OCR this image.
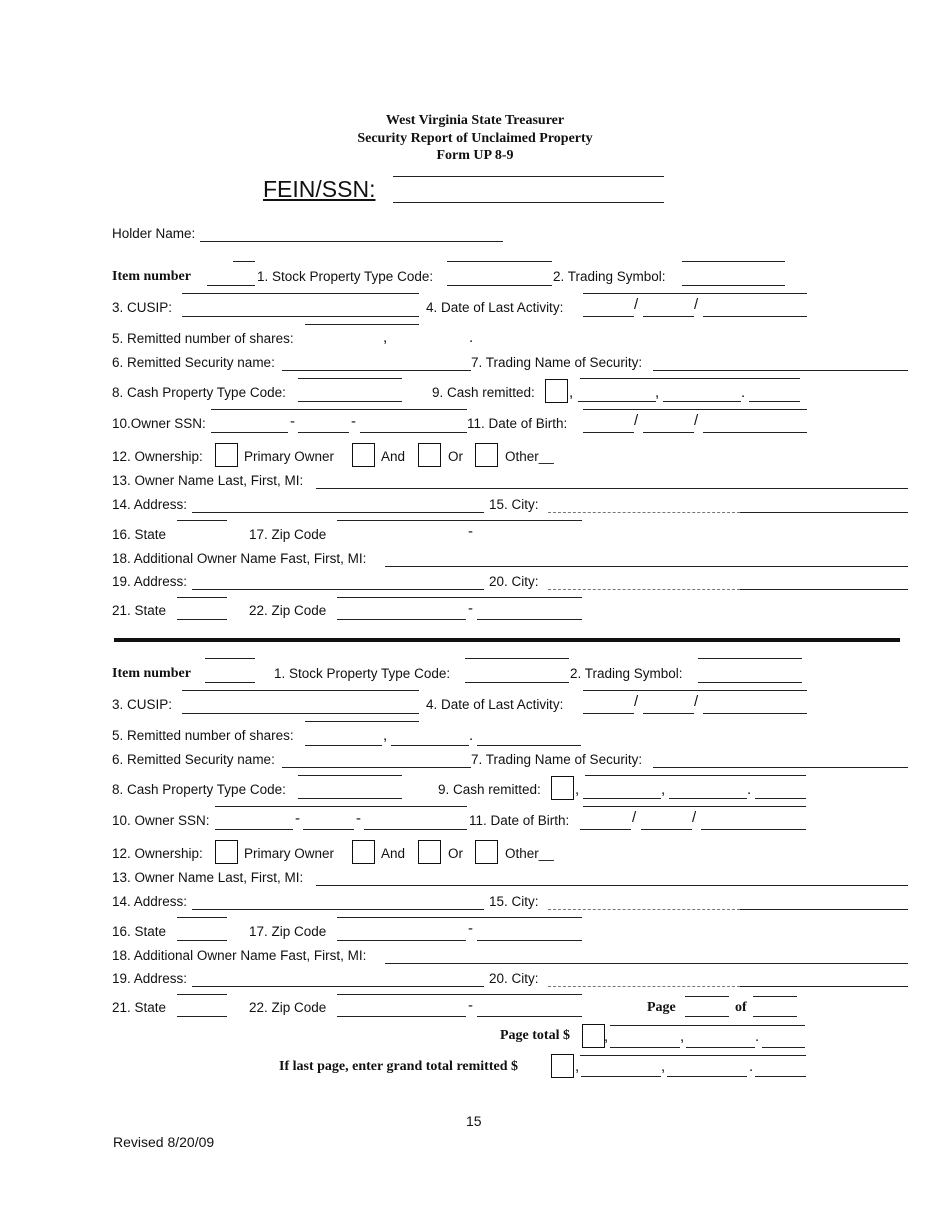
West Virginia State Treasurer
Security Report of Unclaimed Property
Form UP 8-9
FEIN/SSN:
Holder Name:
Item number	1. Stock Property Type Code:	2. Trading Symbol:
3. CUSIP:	4. Date of Last Activity:	/	/
5. Remitted number of shares:	,	.
6. Remitted Security name:	7. Trading Name of Security:
8. Cash Property Type Code:	9. Cash remitted: ,	,	.
10.Owner SSN:	-	-	11. Date of Birth:	/	/
12. Ownership:	Primary Owner	And	Or	Other__
13. Owner Name Last, First, MI:
14. Address:	15. City:
16. State	17. Zip Code	-
18. Additional Owner Name Fast, First, MI:
19. Address:	20. City:
21. State	22. Zip Code	-
Item number	1. Stock Property Type Code:	2. Trading Symbol:
3. CUSIP:	4. Date of Last Activity:	/	/
5. Remitted number of shares:	,	.
6. Remitted Security name:	7. Trading Name of Security:
8. Cash Property Type Code:	9. Cash remitted: ,	,	.
10. Owner SSN:	-	-	11. Date of Birth:	/	/
12. Ownership:	Primary Owner	And	Or	Other__
13. Owner Name Last, First, MI:
14. Address:	15. City:
16. State	17. Zip Code	-
18. Additional Owner Name Fast, First, MI:
19. Address:	20. City:
21. State	22. Zip Code	-	Page	of
Page total $ ,	,	.
If last page, enter grand total remitted $	,	,	.
15
Revised 8/20/09
